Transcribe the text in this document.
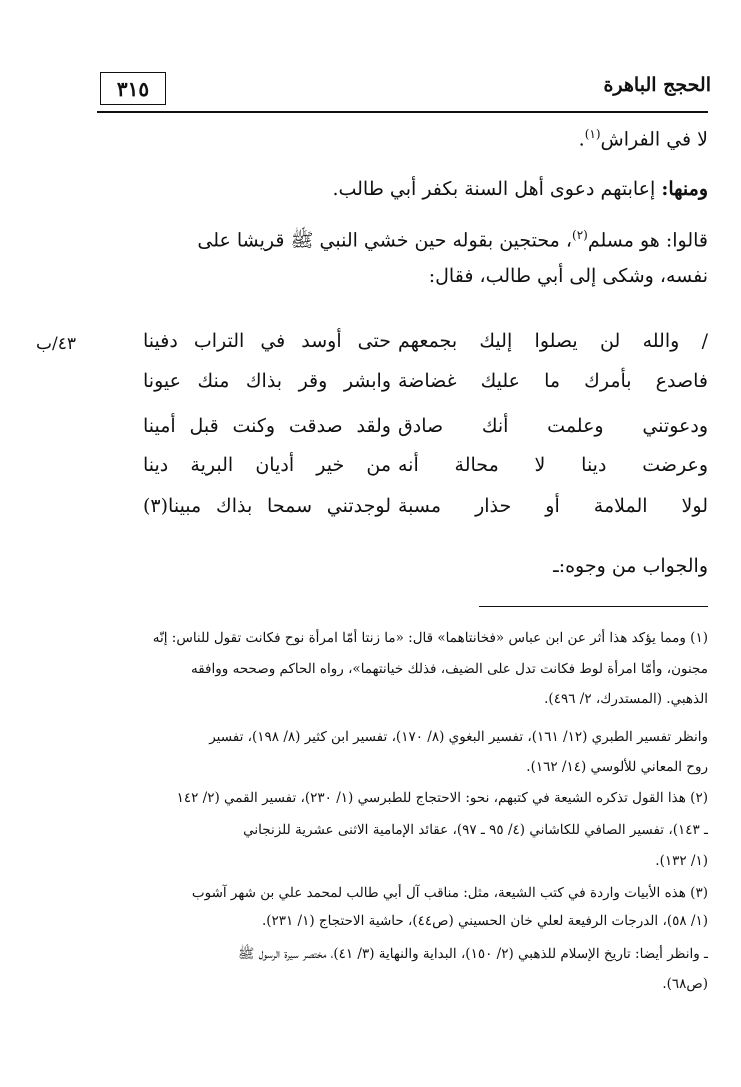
٣١٥	الحجج الباهرة
لا في الفراش$^{(١)}$.
ومنها: إعابتهم دعوى أهل السنة بكفر أبي طالب.
قالوا: هو مسلم$^{(٢)}$، محتجين بقوله حين خشي النبي ﷺ قريشا على
نفسه، وشكى إلى أبي طالب، فقال:
٤٣/ب	/ والله لن يصلوا إليك بجمعهم
حتى أوسد في التراب دفينا
فاصدع بأمرك ما عليك غضاضة
وابشر وقر بذاك منك عيونا
ودعوتني وعلمت أنك صادق
ولقد صدقت وكنت قبل أمينا
وعرضت دينا لا محالة أنه
من خير أديان البرية دينا
لولا الملامة أو حذار مسبة
لوجدتني سمحا بذاك مبينا(٣)
والجواب من وجوه:ـ
(١) ومما يؤكد هذا أثر عن ابن عباس «فخانتاهما» قال: «ما زنتا أمّا امرأة نوح فكانت تقول للناس: إنّه
مجنون، وأمّا امرأة لوط فكانت تدل على الضيف، فذلك خيانتهما»، رواه الحاكم وصححه ووافقه
الذهبي. (المستدرك، ٢/ ٤٩٦).
وانظر تفسير الطبري (١٢/ ١٦١)، تفسير البغوي (٨/ ١٧٠)، تفسير ابن كثير (٨/ ١٩٨)، تفسير
روح المعاني للألوسي (١٤/ ١٦٢).
(٢) هذا القول تذكره الشيعة في كتبهم، نحو: الاحتجاج للطبرسي (١/ ٢٣٠)، تفسير القمي (٢/ ١٤٢
ـ ١٤٣)، تفسير الصافي للكاشاني (٤/ ٩٥ ـ ٩٧)، عقائد الإمامية الاثنى عشرية للزنجاني
(١/ ١٣٢).
(٣) هذه الأبيات واردة في كتب الشيعة، مثل: مناقب آل أبي طالب لمحمد علي بن شهر آشوب
(١/ ٥٨)، الدرجات الرفيعة لعلي خان الحسيني (ص٤٤)، حاشية الاحتجاج (١/ ٢٣١).
ـ وانظر أيضا: تاريخ الإسلام للذهبي (٢/ ١٥٠)، البداية والنهاية (٣/ ٤١)، مختصر سيرة الرسول ﷺ
(ص٦٨).
